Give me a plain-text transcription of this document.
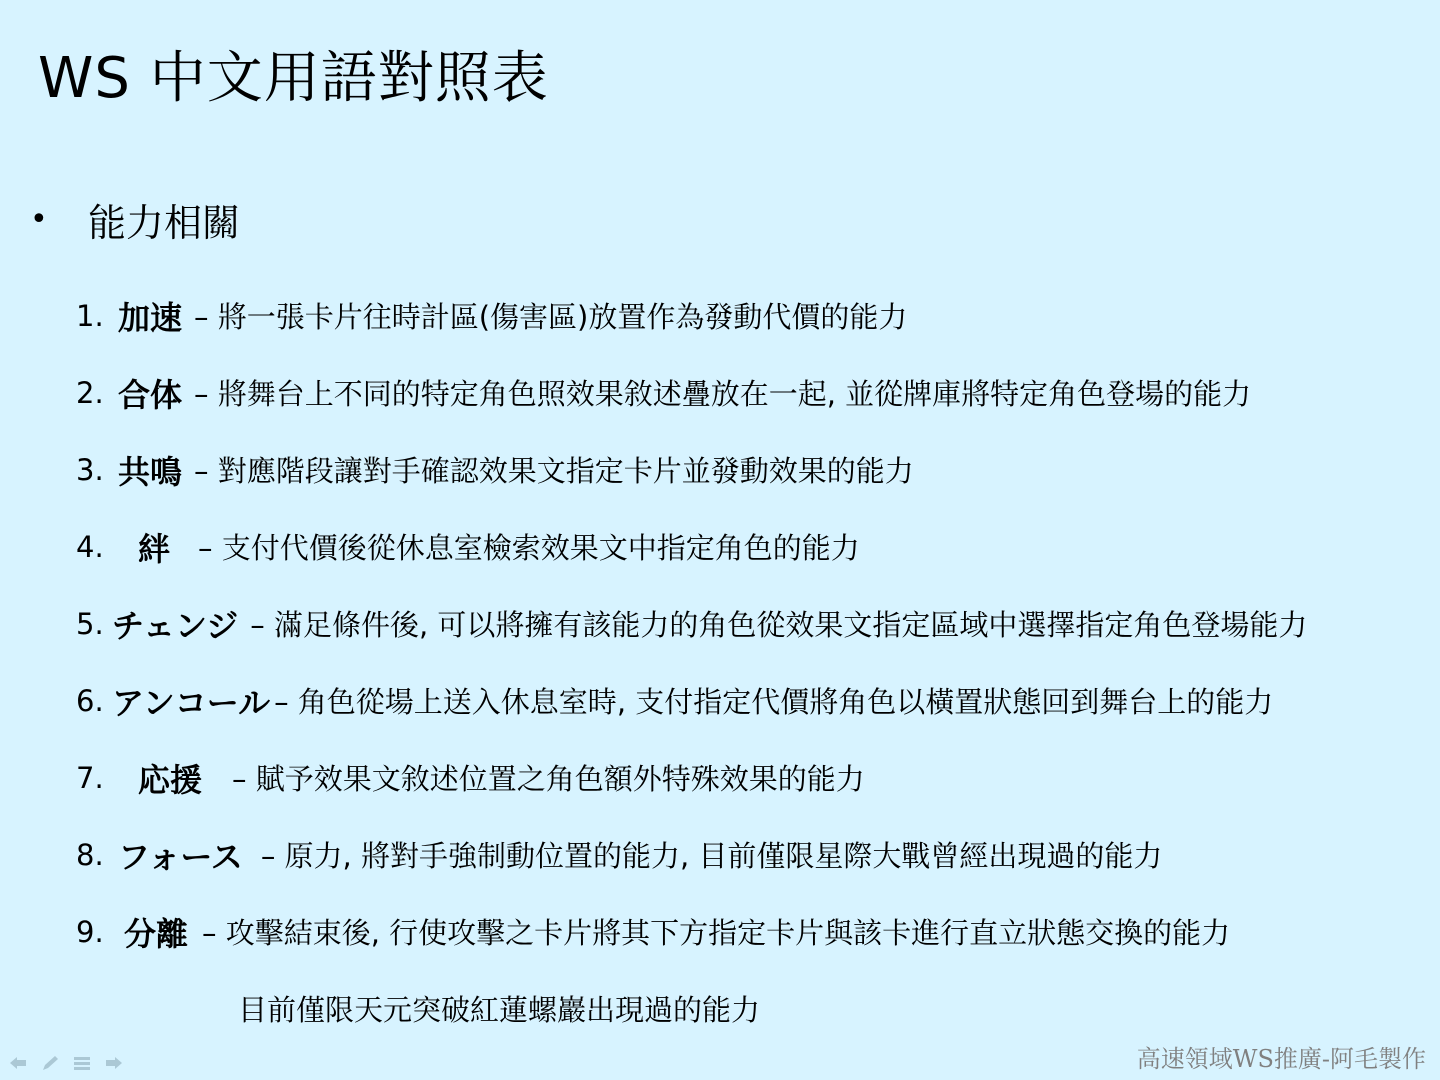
WS 中文用語對照表
•	能力相關
1. 加速 – 將一張卡片往時計區(傷害區)放置作為發動代價的能力
2. 合体 – 將舞台上不同的特定角色照效果敘述疊放在一起, 並從牌庫將特定角色登場的能力
3. 共鳴 – 對應階段讓對手確認效果文指定卡片並發動效果的能力
4.	絆 – 支付代價後從休息室檢索效果文中指定角色的能力
5. チェンジ – 滿足條件後, 可以將擁有該能力的角色從效果文指定區域中選擇指定角色登場能力
6. アンコール – 角色從場上送入休息室時, 支付指定代價將角色以橫置狀態回到舞台上的能力
7.	応援 – 賦予效果文敘述位置之角色額外特殊效果的能力
8. フォース – 原力, 將對手強制動位置的能力, 目前僅限星際大戰曾經出現過的能力
9. 分離 – 攻擊結束後, 行使攻擊之卡片將其下方指定卡片與該卡進行直立狀態交換的能力
目前僅限天元突破紅蓮螺巖出現過的能力
高速領域WS推廣-阿毛製作
